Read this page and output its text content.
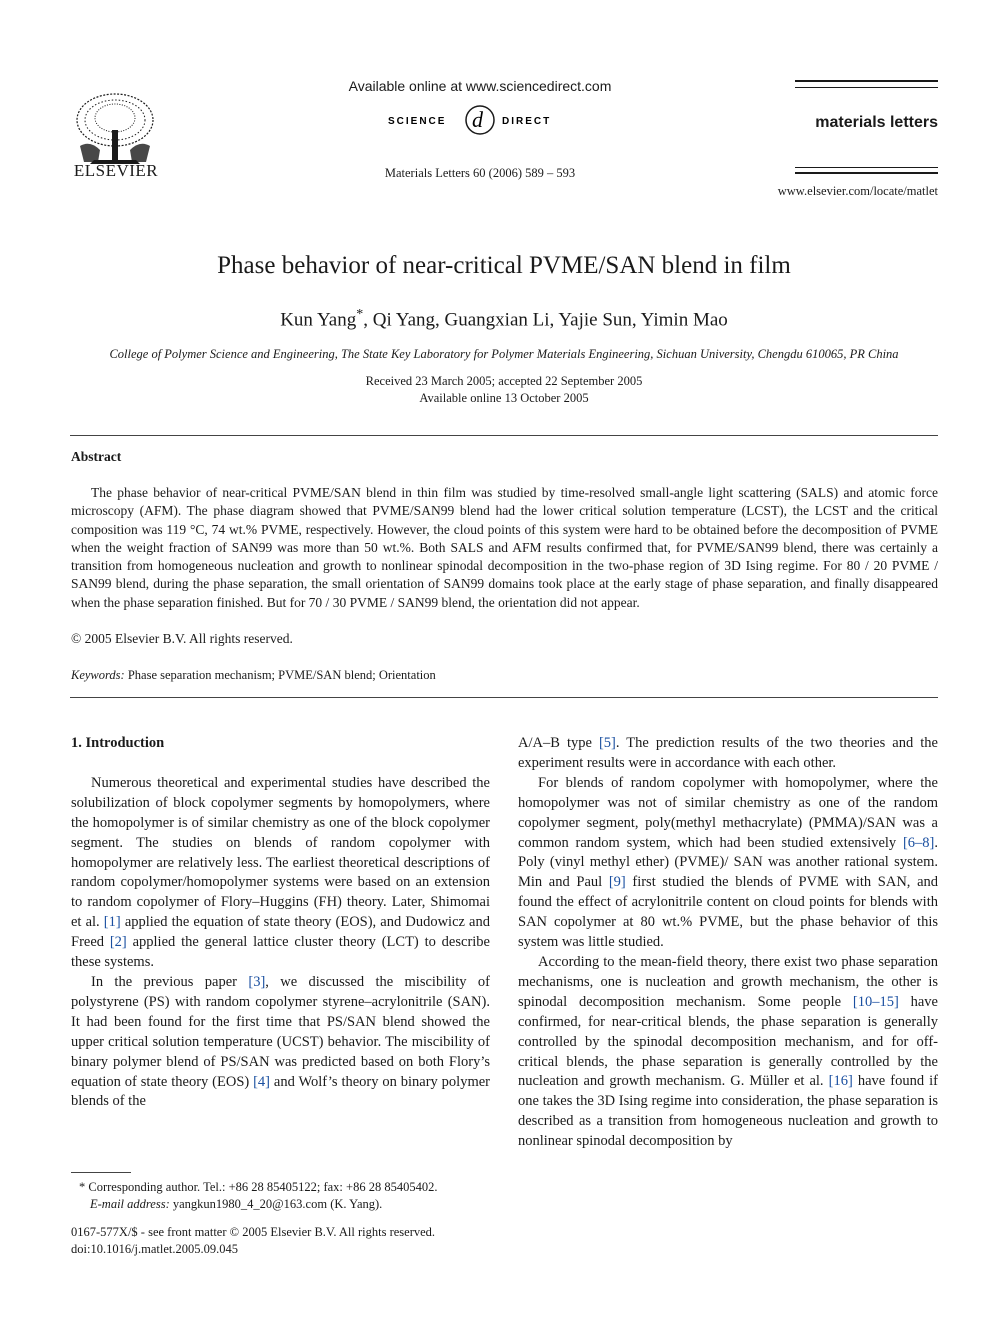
ELSEVIER
Available online at www.sciencedirect.com
SCIENCE d DIRECT
Materials Letters 60 (2006) 589 – 593
materials letters
www.elsevier.com/locate/matlet
Phase behavior of near-critical PVME/SAN blend in film
Kun Yang*, Qi Yang, Guangxian Li, Yajie Sun, Yimin Mao
College of Polymer Science and Engineering, The State Key Laboratory for Polymer Materials Engineering, Sichuan University, Chengdu 610065, PR China
Received 23 March 2005; accepted 22 September 2005
Available online 13 October 2005
Abstract
The phase behavior of near-critical PVME/SAN blend in thin film was studied by time-resolved small-angle light scattering (SALS) and atomic force microscopy (AFM). The phase diagram showed that PVME/SAN99 blend had the lower critical solution temperature (LCST), the LCST and the critical composition was 119 °C, 74 wt.% PVME, respectively. However, the cloud points of this system were hard to be obtained before the decomposition of PVME when the weight fraction of SAN99 was more than 50 wt.%. Both SALS and AFM results confirmed that, for PVME/SAN99 blend, there was certainly a transition from homogeneous nucleation and growth to nonlinear spinodal decomposition in the two-phase region of 3D Ising regime. For 80 / 20 PVME / SAN99 blend, during the phase separation, the small orientation of SAN99 domains took place at the early stage of phase separation, and finally disappeared when the phase separation finished. But for 70 / 30 PVME / SAN99 blend, the orientation did not appear.
© 2005 Elsevier B.V. All rights reserved.
Keywords: Phase separation mechanism; PVME/SAN blend; Orientation

1. Introduction

Numerous theoretical and experimental studies have described the solubilization of block copolymer segments by homopolymers, where the homopolymer is of similar chemistry as one of the block copolymer segment. The studies on blends of random copolymer with homopolymer are relatively less. The earliest theoretical descriptions of random copolymer/homopolymer systems were based on an extension to random copolymer of Flory–Huggins (FH) theory. Later, Shimomai et al. [1] applied the equation of state theory (EOS), and Dudowicz and Freed [2] applied the general lattice cluster theory (LCT) to describe these systems.

In the previous paper [3], we discussed the miscibility of polystyrene (PS) with random copolymer styrene–acrylonitrile (SAN). It had been found for the first time that PS/SAN blend showed the upper critical solution temperature (UCST) behavior. The miscibility of binary polymer blend of PS/SAN was predicted based on both Flory’s equation of state theory (EOS) [4] and Wolf’s theory on binary polymer blends of the

A/A–B type [5]. The prediction results of the two theories and the experiment results were in accordance with each other.

For blends of random copolymer with homopolymer, where the homopolymer was not of similar chemistry as one of the random copolymer segment, poly(methyl methacrylate) (PMMA)/SAN was a common random system, which had been studied extensively [6–8]. Poly (vinyl methyl ether) (PVME)/ SAN was another rational system. Min and Paul [9] first studied the blends of PVME with SAN, and found the effect of acrylonitrile content on cloud points for blends with SAN copolymer at 80 wt.% PVME, but the phase behavior of this system was little studied.

According to the mean-field theory, there exist two phase separation mechanisms, one is nucleation and growth mechanism, the other is spinodal decomposition mechanism. Some people [10–15] have confirmed, for near-critical blends, the phase separation is generally controlled by the spinodal decomposition mechanism, and for off-critical blends, the phase separation is generally controlled by the nucleation and growth mechanism. G. Müller et al. [16] have found if one takes the 3D Ising regime into consideration, the phase separation is described as a transition from homogeneous nucleation and growth to nonlinear spinodal decomposition by

* Corresponding author. Tel.: +86 28 85405122; fax: +86 28 85405402.
E-mail address: yangkun1980_4_20@163.com (K. Yang).
0167-577X/$ - see front matter © 2005 Elsevier B.V. All rights reserved.
doi:10.1016/j.matlet.2005.09.045
